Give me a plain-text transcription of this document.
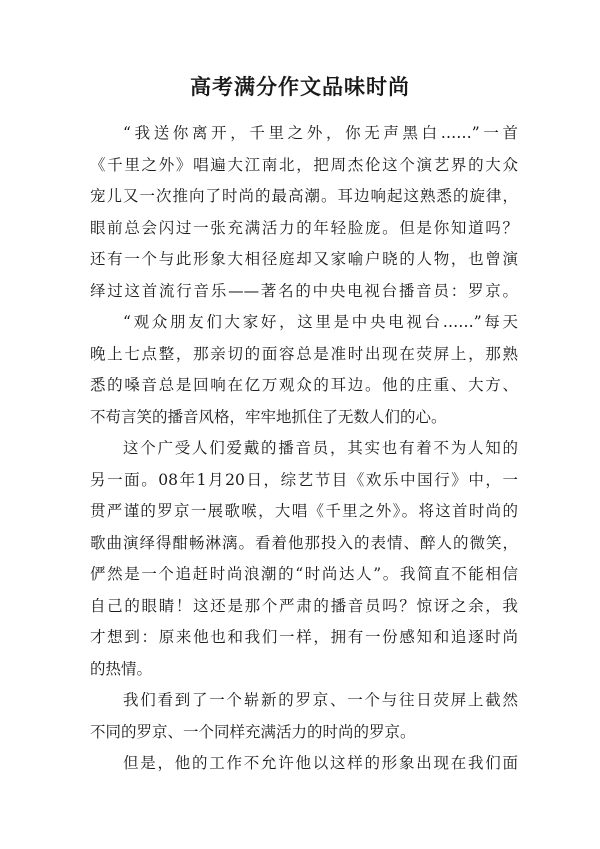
高考满分作文品味时尚
“我送你离开，千里之外，你无声黑白……”一首
《千里之外》唱遍大江南北，把周杰伦这个演艺界的大众
宠儿又一次推向了时尚的最高潮。耳边响起这熟悉的旋律，
眼前总会闪过一张充满活力的年轻脸庞。但是你知道吗？
还有一个与此形象大相径庭却又家喻户晓的人物，也曾演
绎过这首流行音乐——著名的中央电视台播音员：罗京。
“观众朋友们大家好，这里是中央电视台……”每天
晚上七点整，那亲切的面容总是准时出现在荧屏上，那熟
悉的嗓音总是回响在亿万观众的耳边。他的庄重、大方、
不苟言笑的播音风格，牢牢地抓住了无数人们的心。
这个广受人们爱戴的播音员，其实也有着不为人知的
另一面。08年1月20日，综艺节目《欢乐中国行》中，一
贯严谨的罗京一展歌喉，大唱《千里之外》。将这首时尚的
歌曲演绎得酣畅淋漓。看着他那投入的表情、醉人的微笑，
俨然是一个追赶时尚浪潮的“时尚达人”。我简直不能相信
自己的眼睛！这还是那个严肃的播音员吗？惊讶之余，我
才想到：原来他也和我们一样，拥有一份感知和追逐时尚
的热情。
我们看到了一个崭新的罗京、一个与往日荧屏上截然
不同的罗京、一个同样充满活力的时尚的罗京。
但是，他的工作不允许他以这样的形象出现在我们面
